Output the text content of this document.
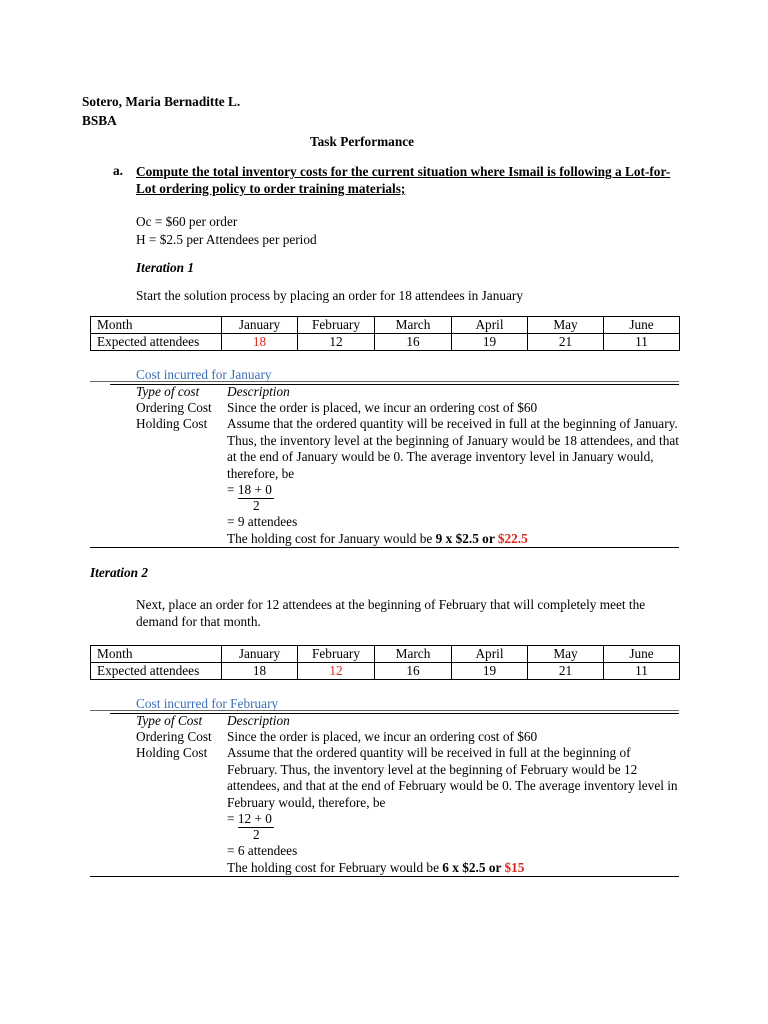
Sotero, Maria Bernaditte L.
BSBA
Task Performance
a. Compute the total inventory costs for the current situation where Ismail is following a Lot-for-Lot ordering policy to order training materials;
Oc = $60 per order
H = $2.5 per Attendees per period
Iteration 1
Start the solution process by placing an order for 18 attendees in January
Month	January	February	March	April	May	June
Expected attendees	18	12	16	19	21	11
Cost incurred for January
Type of cost Description
Ordering Cost Since the order is placed, we incur an ordering cost of $60
Holding Cost Assume that the ordered quantity will be received in full at the beginning of January. Thus, the inventory level at the beginning of January would be 18 attendees, and that at the end of January would be 0. The average inventory level in January would, therefore, be
= 18 + 0
2
= 9 attendees
The holding cost for January would be 9 x $2.5 or $22.5
Iteration 2
Next, place an order for 12 attendees at the beginning of February that will completely meet the demand for that month.
Month	January	February	March	April	May	June
Expected attendees	18	12	16	19	21	11
Cost incurred for February
Type of Cost Description
Ordering Cost Since the order is placed, we incur an ordering cost of $60
Holding Cost Assume that the ordered quantity will be received in full at the beginning of February. Thus, the inventory level at the beginning of February would be 12 attendees, and that at the end of February would be 0. The average inventory level in February would, therefore, be
= 12 + 0
2
= 6 attendees
The holding cost for February would be 6 x $2.5 or $15
